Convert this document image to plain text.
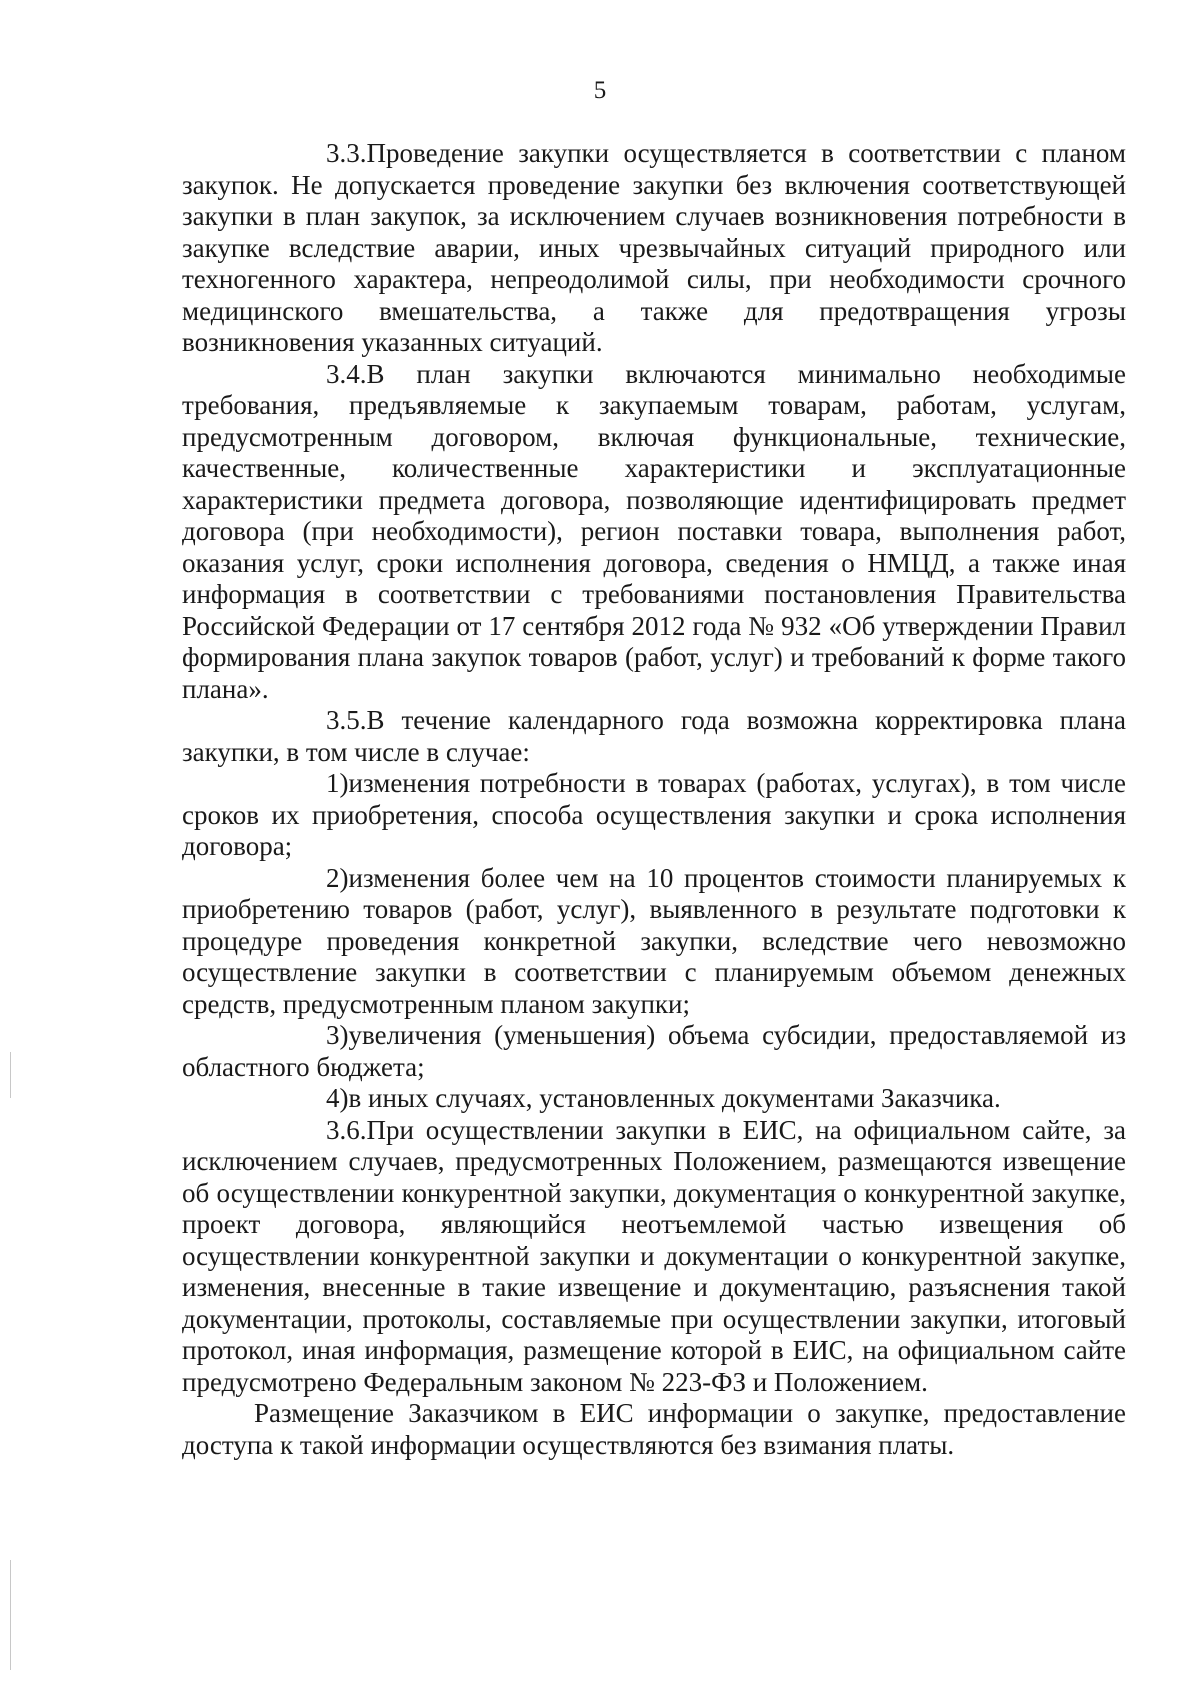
5

3.3.Проведение закупки осуществляется в соответствии с планом закупок. Не допускается проведение закупки без включения соответствующей закупки в план закупок, за исключением случаев возникновения потребности в закупке вследствие аварии, иных чрезвычайных ситуаций природного или техногенного характера, непреодолимой силы, при необходимости срочного медицинского вмешательства, а также для предотвращения угрозы возникновения указанных ситуаций.

3.4.В план закупки включаются минимально необходимые требования, предъявляемые к закупаемым товарам, работам, услугам, предусмотренным договором, включая функциональные, технические, качественные, количественные характеристики и эксплуатационные характеристики предмета договора, позволяющие идентифицировать предмет договора (при необходимости), регион поставки товара, выполнения работ, оказания услуг, сроки исполнения договора, сведения о НМЦД, а также иная информация в соответствии с требованиями постановления Правительства Российской Федерации от 17 сентября 2012 года № 932 «Об утверждении Правил формирования плана закупок товаров (работ, услуг) и требований к форме такого плана».

3.5.В течение календарного года возможна корректировка плана закупки, в том числе в случае:

1)изменения потребности в товарах (работах, услугах), в том числе сроков их приобретения, способа осуществления закупки и срока исполнения договора;

2)изменения более чем на 10 процентов стоимости планируемых к приобретению товаров (работ, услуг), выявленного в результате подготовки к процедуре проведения конкретной закупки, вследствие чего невозможно осуществление закупки в соответствии с планируемым объемом денежных средств, предусмотренным планом закупки;

3)увеличения (уменьшения) объема субсидии, предоставляемой из областного бюджета;

4)в иных случаях, установленных документами Заказчика.

3.6.При осуществлении закупки в ЕИС, на официальном сайте, за исключением случаев, предусмотренных Положением, размещаются извещение об осуществлении конкурентной закупки, документация о конкурентной закупке, проект договора, являющийся неотъемлемой частью извещения об осуществлении конкурентной закупки и документации о конкурентной закупке, изменения, внесенные в такие извещение и документацию, разъяснения такой документации, протоколы, составляемые при осуществлении закупки, итоговый протокол, иная информация, размещение которой в ЕИС, на официальном сайте предусмотрено Федеральным законом № 223-ФЗ и Положением.

Размещение Заказчиком в ЕИС информации о закупке, предоставление доступа к такой информации осуществляются без взимания платы.
